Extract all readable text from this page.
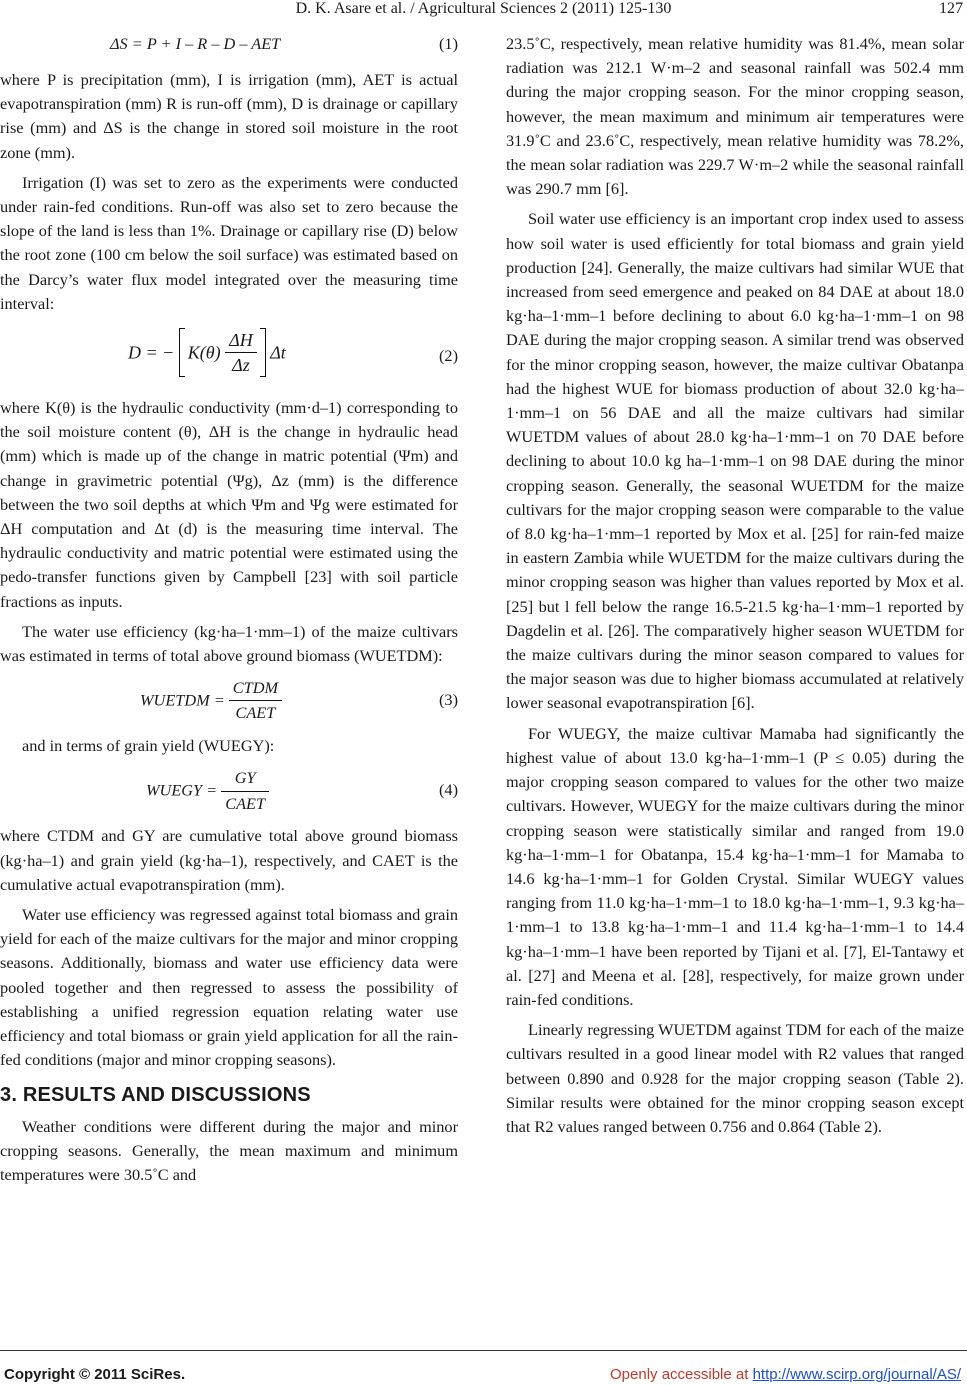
D. K. Asare et al. / Agricultural Sciences 2 (2011) 125-130	127
ΔS = P + I – R – D – AET	(1)

where P is precipitation (mm), I is irrigation (mm), AET is actual evapotranspiration (mm) R is run-off (mm), D is drainage or capillary rise (mm) and ΔS is the change in stored soil moisture in the root zone (mm).

Irrigation (I) was set to zero as the experiments were conducted under rain-fed conditions. Run-off was also set to zero because the slope of the land is less than 1%. Drainage or capillary rise (D) below the root zone (100 cm below the soil surface) was estimated based on the Darcy’s water flux model integrated over the measuring time interval:

D = − $K(\theta) \frac{\Delta H}{\Delta z}$ Δt	(2)

where K(θ) is the hydraulic conductivity (mm·d–1) corresponding to the soil moisture content (θ), ΔH is the change in hydraulic head (mm) which is made up of the change in matric potential (Ψm) and change in gravimetric potential (Ψg), Δz (mm) is the difference between the two soil depths at which Ψm and Ψg were estimated for ΔH computation and Δt (d) is the measuring time interval. The hydraulic conductivity and matric potential were estimated using the pedo-transfer functions given by Campbell [23] with soil particle fractions as inputs.

The water use efficiency (kg·ha–1·mm–1) of the maize cultivars was estimated in terms of total above ground biomass (WUETDM):

WUETDM = $\frac{\text{CTDM}}{\text{CAET}}$	(3)

and in terms of grain yield (WUEGY):

WUEGY = $\frac{GY}{\text{CAET}}$	(4)

where CTDM and GY are cumulative total above ground biomass (kg·ha–1) and grain yield (kg·ha–1), respectively, and CAET is the cumulative actual evapotranspiration (mm).

Water use efficiency was regressed against total biomass and grain yield for each of the maize cultivars for the major and minor cropping seasons. Additionally, biomass and water use efficiency data were pooled together and then regressed to assess the possibility of establishing a unified regression equation relating water use efficiency and total biomass or grain yield application for all the rain-fed conditions (major and minor cropping seasons).

3. RESULTS AND DISCUSSIONS

Weather conditions were different during the major and minor cropping seasons. Generally, the mean maximum and minimum temperatures were 30.5˚C and

23.5˚C, respectively, mean relative humidity was 81.4%, mean solar radiation was 212.1 W·m–2 and seasonal rainfall was 502.4 mm during the major cropping season. For the minor cropping season, however, the mean maximum and minimum air temperatures were 31.9˚C and 23.6˚C, respectively, mean relative humidity was 78.2%, the mean solar radiation was 229.7 W·m–2 while the seasonal rainfall was 290.7 mm [6].

Soil water use efficiency is an important crop index used to assess how soil water is used efficiently for total biomass and grain yield production [24]. Generally, the maize cultivars had similar WUE that increased from seed emergence and peaked on 84 DAE at about 18.0 kg·ha–1·mm–1 before declining to about 6.0 kg·ha–1·mm–1 on 98 DAE during the major cropping season. A similar trend was observed for the minor cropping season, however, the maize cultivar Obatanpa had the highest WUE for biomass production of about 32.0 kg·ha–1·mm–1 on 56 DAE and all the maize cultivars had similar WUETDM values of about 28.0 kg·ha–1·mm–1 on 70 DAE before declining to about 10.0 kg ha–1·mm–1 on 98 DAE during the minor cropping season. Generally, the seasonal WUETDM for the maize cultivars for the major cropping season were comparable to the value of 8.0 kg·ha–1·mm–1 reported by Mox et al. [25] for rain-fed maize in eastern Zambia while WUETDM for the maize cultivars during the minor cropping season was higher than values reported by Mox et al. [25] but l fell below the range 16.5-21.5 kg·ha–1·mm–1 reported by Dagdelin et al. [26]. The comparatively higher season WUETDM for the maize cultivars during the minor season compared to values for the major season was due to higher biomass accumulated at relatively lower seasonal evapotranspiration [6].

For WUEGY, the maize cultivar Mamaba had significantly the highest value of about 13.0 kg·ha–1·mm–1 (P ≤ 0.05) during the major cropping season compared to values for the other two maize cultivars. However, WUEGY for the maize cultivars during the minor cropping season were statistically similar and ranged from 19.0 kg·ha–1·mm–1 for Obatanpa, 15.4 kg·ha–1·mm–1 for Mamaba to 14.6 kg·ha–1·mm–1 for Golden Crystal. Similar WUEGY values ranging from 11.0 kg·ha–1·mm–1 to 18.0 kg·ha–1·mm–1, 9.3 kg·ha–1·mm–1 to 13.8 kg·ha–1·mm–1 and 11.4 kg·ha–1·mm–1 to 14.4 kg·ha–1·mm–1 have been reported by Tijani et al. [7], El-Tantawy et al. [27] and Meena et al. [28], respectively, for maize grown under rain-fed conditions.

Linearly regressing WUETDM against TDM for each of the maize cultivars resulted in a good linear model with R2 values that ranged between 0.890 and 0.928 for the major cropping season (Table 2). Similar results were obtained for the minor cropping season except that R2 values ranged between 0.756 and 0.864 (Table 2).

Copyright © 2011 SciRes.	Openly accessible at http://www.scirp.org/journal/AS/
